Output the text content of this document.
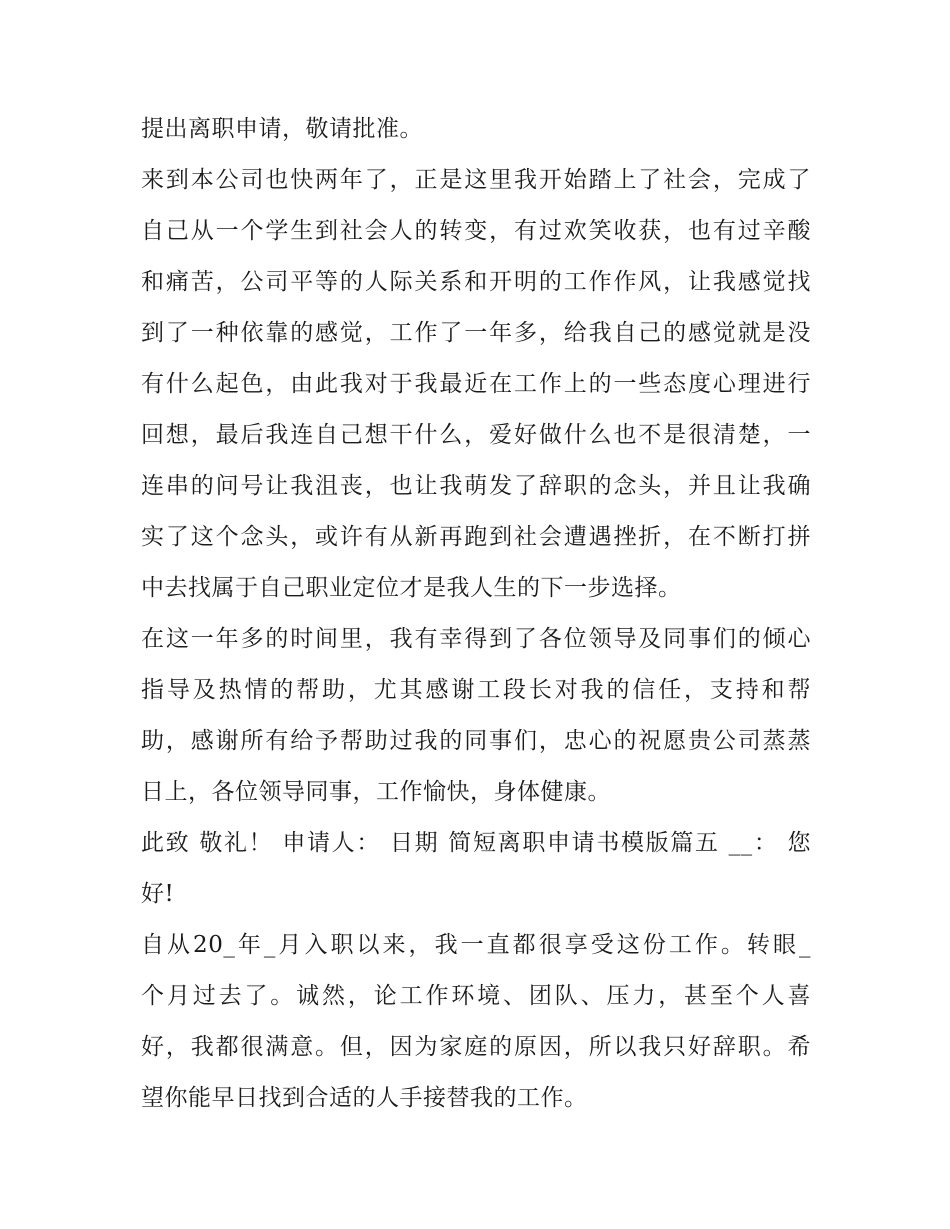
提出离职申请，敬请批准。
来到本公司也快两年了，正是这里我开始踏上了社会，完成了
自己从一个学生到社会人的转变，有过欢笑收获，也有过辛酸
和痛苦，公司平等的人际关系和开明的工作作风，让我感觉找
到了一种依靠的感觉，工作了一年多，给我自己的感觉就是没
有什么起色，由此我对于我最近在工作上的一些态度心理进行
回想，最后我连自己想干什么，爱好做什么也不是很清楚，一
连串的问号让我沮丧，也让我萌发了辞职的念头，并且让我确
实了这个念头，或许有从新再跑到社会遭遇挫折，在不断打拼
中去找属于自己职业定位才是我人生的下一步选择。
在这一年多的时间里，我有幸得到了各位领导及同事们的倾心
指导及热情的帮助，尤其感谢工段长对我的信任，支持和帮
助，感谢所有给予帮助过我的同事们，忠心的祝愿贵公司蒸蒸
日上，各位领导同事，工作愉快，身体健康。
此致 敬礼！ 申请人： 日期 简短离职申请书模版篇五 __： 您
好!
自从20_年_月入职以来，我一直都很享受这份工作。转眼_
个月过去了。诚然，论工作环境、团队、压力，甚至个人喜
好，我都很满意。但，因为家庭的原因，所以我只好辞职。希
望你能早日找到合适的人手接替我的工作。
